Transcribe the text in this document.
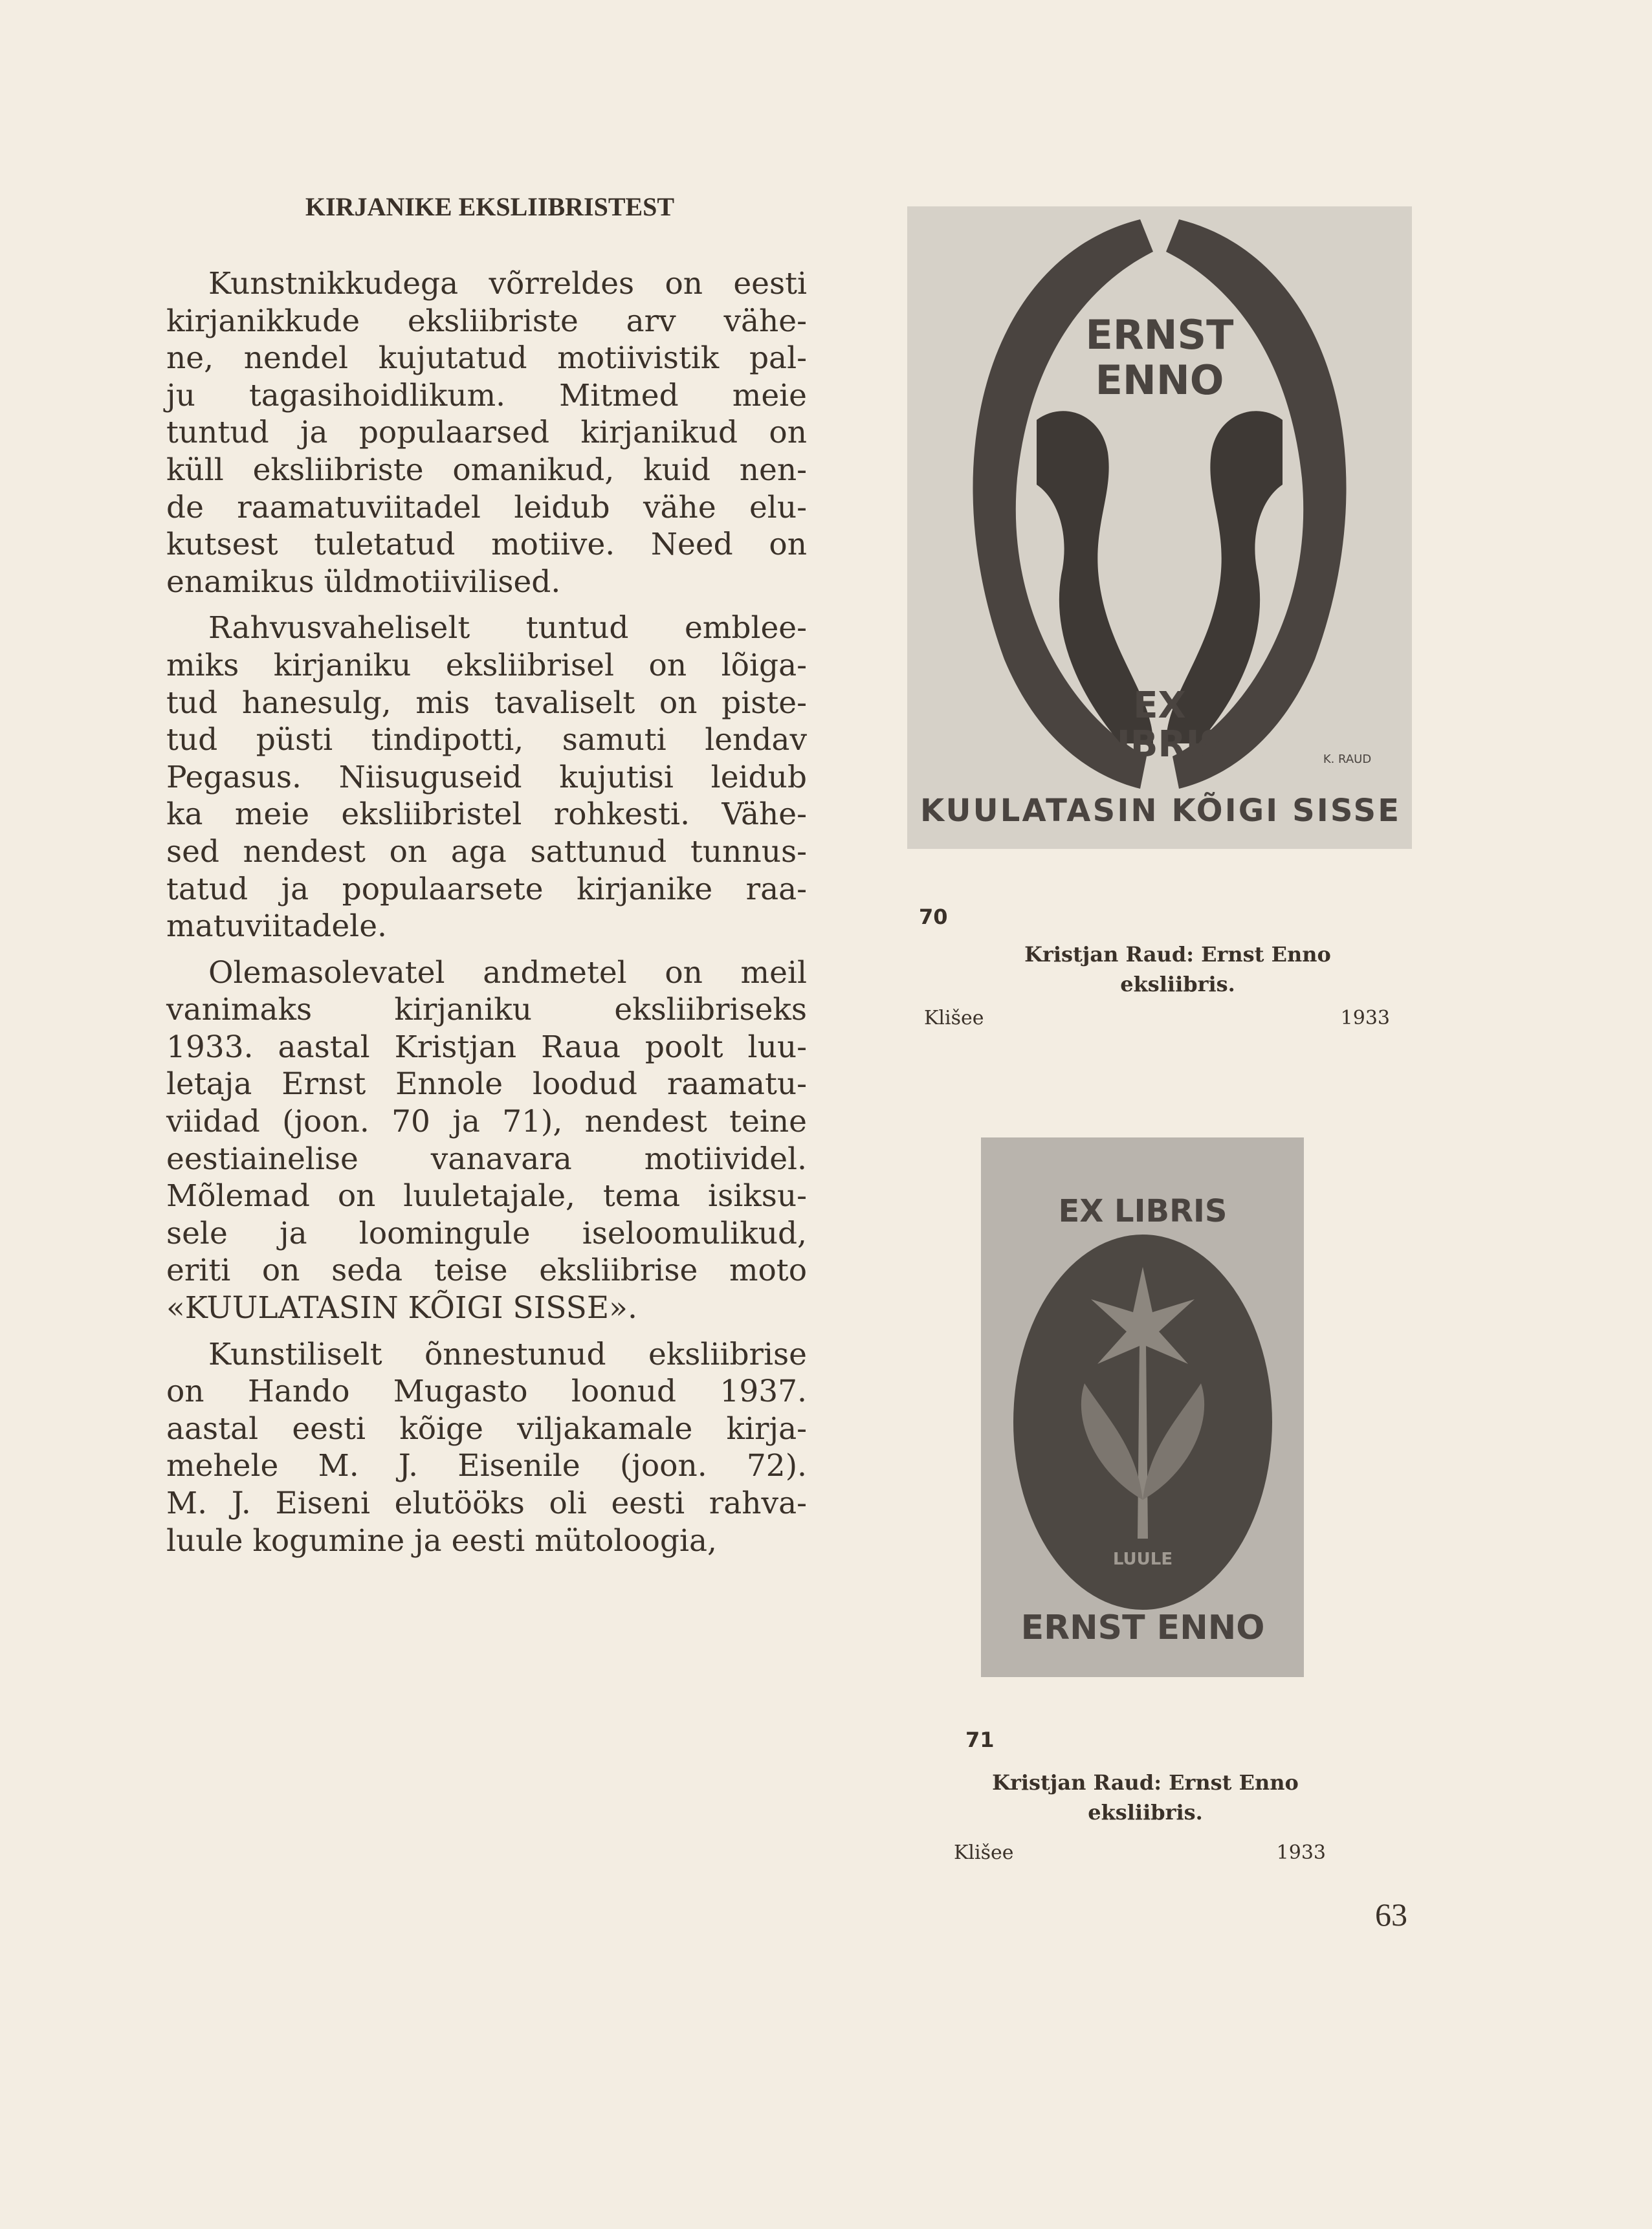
KIRJANIKE EKSLIIBRISTEST
Kunstnikkudega võrreldes on eesti
kirjanikkude eksliibriste arv vähe-
ne, nendel kujutatud motiivistik pal-
ju tagasihoidlikum. Mitmed meie
tuntud ja populaarsed kirjanikud on
küll eksliibriste omanikud, kuid nen-
de raamatuviitadel leidub vähe elu-
kutsest tuletatud motiive. Need on
enamikus üldmotiivilised.
Rahvusvaheliselt tuntud emblee-
miks kirjaniku eksliibrisel on lõiga-
tud hanesulg, mis tavaliselt on piste-
tud püsti tindipotti, samuti lendav
Pegasus. Niisuguseid kujutisi leidub
ka meie eksliibristel rohkesti. Vähe-
sed nendest on aga sattunud tunnus-
tatud ja populaarsete kirjanike raa-
matuviitadele.
Olemasolevatel andmetel on meil
vanimaks kirjaniku eksliibriseks
1933. aastal Kristjan Raua poolt luu-
letaja Ernst Ennole loodud raamatu-
viidad (joon. 70 ja 71), nendest teine
eestiainelise vanavara motiividel.
Mõlemad on luuletajale, tema isiksu-
sele ja loomingule iseloomulikud,
eriti on seda teise eksliibrise moto
«KUULATASIN KÕIGI SISSE».
Kunstiliselt õnnestunud eksliibrise
on Hando Mugasto loonud 1937.
aastal eesti kõige viljakamale kirja-
mehele M. J. Eisenile (joon. 72).
M. J. Eiseni elutööks oli eesti rahva-
luule kogumine ja eesti mütoloogia,
ERNST
ENNO
EX
LIBRIS	K. RAUD
KUULATASIN KÕIGI SISSE
70
Kristjan Raud: Ernst Enno
eksliibris.
Klišee	1933
EX LIBRIS
LUULE
ERNST ENNO
71
Kristjan Raud: Ernst Enno
eksliibris.
Klišee	1933
63
